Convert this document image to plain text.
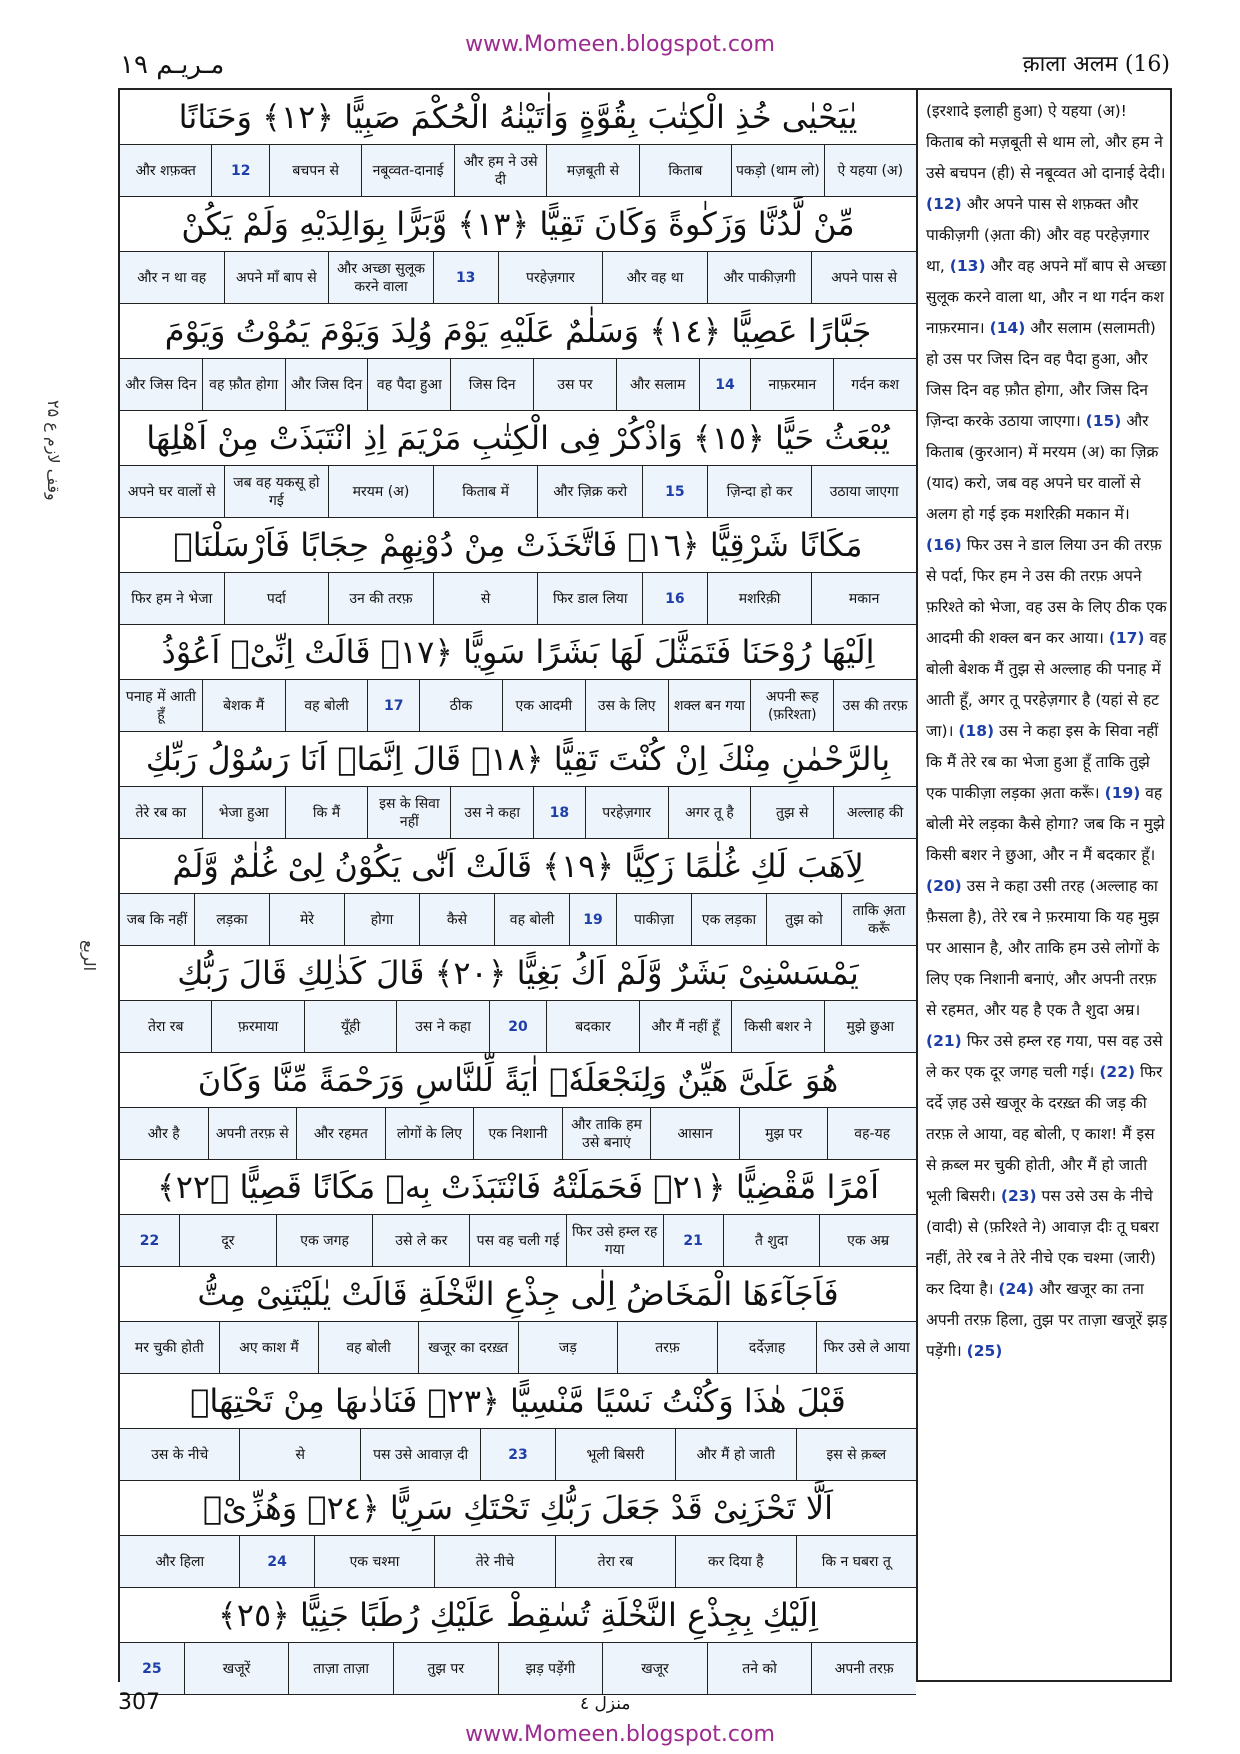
www.Momeen.blogspot.com
مـريـم ١٩	क़ाला अलम (16)
يٰيَحْيٰى خُذِ الْكِتٰبَ بِقُوَّةٍ وَاٰتَيْنٰهُ الْحُكْمَ صَبِيًّا ﴿١٢﴾ وَحَنَانًا
ऐ यहया (अ)
पकड़ो (थाम लो)
किताब
मज़बूती से
और हम ने उसे दी
नबूव्वत-दानाई
बचपन से
12
और शफ़क्त
مِّنْ لَّدُنَّا وَزَكٰوةً وَكَانَ تَقِيًّا ﴿١٣﴾ وَّبَرًّا بِوَالِدَيْهِ وَلَمْ يَكُنْ
अपने पास से
और पाकीज़गी
और वह था
परहेज़गार
13
और अच्छा सुलूक करने वाला
अपने माँ बाप से
और न था वह
جَبَّارًا عَصِيًّا ﴿١٤﴾ وَسَلٰمٌ عَلَيْهِ يَوْمَ وُلِدَ وَيَوْمَ يَمُوْتُ وَيَوْمَ
गर्दन कश
नाफ़रमान
14
और सलाम
उस पर
जिस दिन
वह पैदा हुआ
और जिस दिन
वह फ़ौत होगा
और जिस दिन
يُبْعَثُ حَيًّا ﴿١٥﴾ وَاذْكُرْ فِى الْكِتٰبِ مَرْيَمَ اِذِ انْتَبَذَتْ مِنْ اَهْلِهَا
उठाया जाएगा
ज़िन्दा हो कर
15
और ज़िक्र करो
किताब में
मरयम (अ)
जब वह यकसू हो गई
अपने घर वालों से
مَكَانًا شَرْقِيًّا ﴿١٦﴾ فَاتَّخَذَتْ مِنْ دُوْنِهِمْ حِجَابًا فَاَرْسَلْنَاۤ
मकान
मशरिक़ी
16
फिर डाल लिया
से
उन की तरफ़
पर्दा
फिर हम ने भेजा
اِلَيْهَا رُوْحَنَا فَتَمَثَّلَ لَهَا بَشَرًا سَوِيًّا ﴿١٧﴾ قَالَتْ اِنِّىْۤ اَعُوْذُ
उस की तरफ़
अपनी रूह (फ़रिश्ता)
शक्ल बन गया
उस के लिए
एक आदमी
ठीक
17
वह बोली
बेशक मैं
पनाह में आती हूँ
بِالرَّحْمٰنِ مِنْكَ اِنْ كُنْتَ تَقِيًّا ﴿١٨﴾ قَالَ اِنَّمَاۤ اَنَا رَسُوْلُ رَبِّكِ
अल्लाह की
तुझ से
अगर तू है
परहेज़गार
18
उस ने कहा
इस के सिवा नहीं
कि मैं
भेजा हुआ
तेरे रब का
لِاَهَبَ لَكِ غُلٰمًا زَكِيًّا ﴿١٩﴾ قَالَتْ اَنّٰى يَكُوْنُ لِىْ غُلٰمٌ وَّلَمْ
ताकि अ़ता करूँ
तुझ को
एक लड़का
पाकीज़ा
19
वह बोली
कैसे
होगा
मेरे
लड़का
जब कि नहीं
يَمْسَسْنِىْ بَشَرٌ وَّلَمْ اَكُ بَغِيًّا ﴿٢٠﴾ قَالَ كَذٰلِكِ قَالَ رَبُّكِ
मुझे छुआ
किसी बशर ने
और मैं नहीं हूँ
बदकार
20
उस ने कहा
यूँही
फ़रमाया
तेरा रब
هُوَ عَلَىَّ هَيِّنٌ وَلِنَجْعَلَهٗۤ اٰيَةً لِّلنَّاسِ وَرَحْمَةً مِّنَّا وَكَانَ
वह-यह
मुझ पर
आसान
और ताकि हम उसे बनाएं
एक निशानी
लोगों के लिए
और रहमत
अपनी तरफ़ से
और है
اَمْرًا مَّقْضِيًّا ﴿٢١﴾ فَحَمَلَتْهُ فَانْتَبَذَتْ بِهٖ مَكَانًا قَصِيًّا ﴿٢٢﴾
एक अम्र
तै शुदा
21
फिर उसे हम्ल रह गया
पस वह चली गई
उसे ले कर
एक जगह
दूर
22
فَاَجَآءَهَا الْمَخَاضُ اِلٰى جِذْعِ النَّخْلَةِ قَالَتْ يٰلَيْتَنِىْ مِتُّ
फिर उसे ले आया
दर्देज़ाह
तरफ़
जड़
खजूर का दरख़्त
वह बोली
अए काश मैं
मर चुकी होती
قَبْلَ هٰذَا وَكُنْتُ نَسْيًا مَّنْسِيًّا ﴿٢٣﴾ فَنَادٰىهَا مِنْ تَحْتِهَاۤ
इस से क़ब्ल
और मैं हो जाती
भूली बिसरी
23
पस उसे आवाज़ दी
से
उस के नीचे
اَلَّا تَحْزَنِىْ قَدْ جَعَلَ رَبُّكِ تَحْتَكِ سَرِيًّا ﴿٢٤﴾ وَهُزِّىْۤ
कि न घबरा तू
कर दिया है
तेरा रब
तेरे नीचे
एक चश्मा
24
और हिला
اِلَيْكِ بِجِذْعِ النَّخْلَةِ تُسٰقِطْ عَلَيْكِ رُطَبًا جَنِيًّا ﴿٢٥﴾
अपनी तरफ़
तने को
खजूर
झड़ पड़ेंगी
तुझ पर
ताज़ा ताज़ा
खजूरें
25
(इरशादे इलाही हुआ) ऐ यहया (अ)! किताब को मज़बूती से थाम लो, और हम ने उसे बचपन (ही) से नबूव्वत ओ दानाई देदी। (12) और अपने पास से शफ़क्त और पाकीज़गी (अ़ता की) और वह परहेज़गार था, (13) और वह अपने माँ बाप से अच्छा सुलूक करने वाला था, और न था गर्दन कश नाफ़रमान। (14) और सलाम (सलामती) हो उस पर जिस दिन वह पैदा हुआ, और जिस दिन वह फ़ौत होगा, और जिस दिन ज़िन्दा करके उठाया जाएगा। (15) और किताब (कुरआन) में मरयम (अ) का ज़िक्र (याद) करो, जब वह अपने घर वालों से अलग हो गई इक मशरिक़ी मकान में। (16) फिर उस ने डाल लिया उन की तरफ़ से पर्दा, फिर हम ने उस की तरफ़ अपने फ़रिश्ते को भेजा, वह उस के लिए ठीक एक आदमी की शक्ल बन कर आया। (17) वह बोली बेशक मैं तुझ से अल्लाह की पनाह में आती हूँ, अगर तू परहेज़गार है (यहां से हट जा)। (18) उस ने कहा इस के सिवा नहीं कि मैं तेरे रब का भेजा हुआ हूँ ताकि तुझे एक पाकीज़ा लड़का अ़ता करूँ। (19) वह बोली मेरे लड़का कैसे होगा? जब कि न मुझे किसी बशर ने छुआ, और न मैं बदकार हूँ। (20) उस ने कहा उसी तरह (अल्लाह का फ़ैसला है), तेरे रब ने फ़रमाया कि यह मुझ पर आसान है, और ताकि हम उसे लोगों के लिए एक निशानी बनाएं, और अपनी तरफ़ से रहमत, और यह है एक तै शुदा अम्र। (21) फिर उसे हम्ल रह गया, पस वह उसे ले कर एक दूर जगह चली गई। (22) फिर दर्दे ज़ह उसे खजूर के दरख़्त की जड़ की तरफ़ ले आया, वह बोली, ए काश! मैं इस से क़ब्ल मर चुकी होती, और मैं हो जाती भूली बिसरी। (23) पस उसे उस के नीचे (वादी) से (फ़रिश्ते ने) आवाज़ दीः तू घबरा नहीं, तेरे रब ने तेरे नीचे एक चश्मा (जारी) कर दिया है। (24) और खजूर का तना अपनी तरफ़ हिला, तुझ पर ताज़ा खजूरें झड़ पड़ेंगी। (25)
وقف لازم ع ۲۵
الربع
307	منزل ٤
www.Momeen.blogspot.com
